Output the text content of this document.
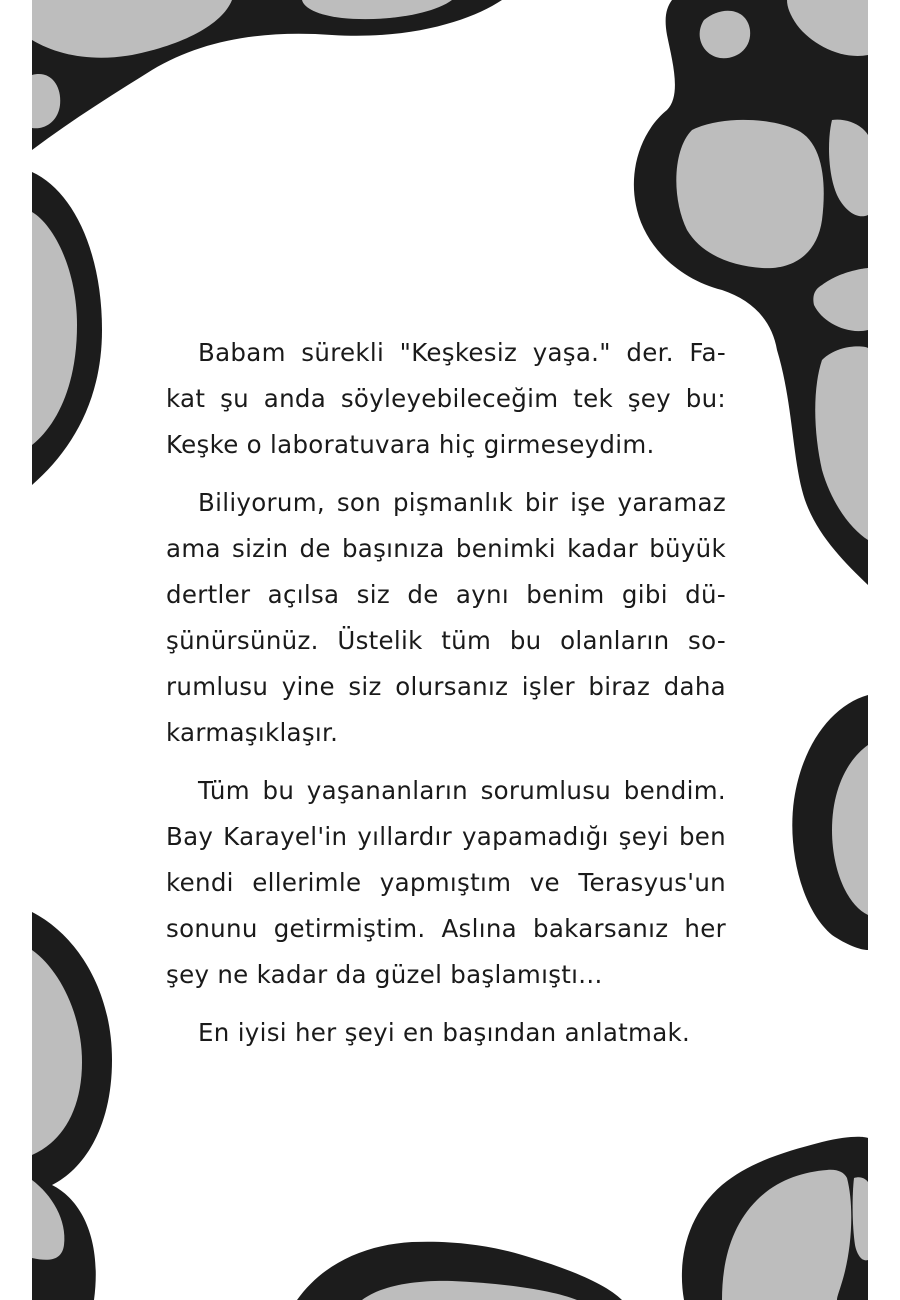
Babam sürekli "Keşkesiz yaşa." der. Fa-
kat şu anda söyleyebileceğim tek şey bu:
Keşke o laboratuvara hiç girmeseydim.
Biliyorum, son pişmanlık bir işe yaramaz
ama sizin de başınıza benimki kadar büyük
dertler açılsa siz de aynı benim gibi dü-
şünürsünüz. Üstelik tüm bu olanların so-
rumlusu yine siz olursanız işler biraz daha
karmaşıklaşır.
Tüm bu yaşananların sorumlusu bendim.
Bay Karayel'in yıllardır yapamadığı şeyi ben
kendi ellerimle yapmıştım ve Terasyus'un
sonunu getirmiştim. Aslına bakarsanız her
şey ne kadar da güzel başlamıştı...
En iyisi her şeyi en başından anlatmak.
